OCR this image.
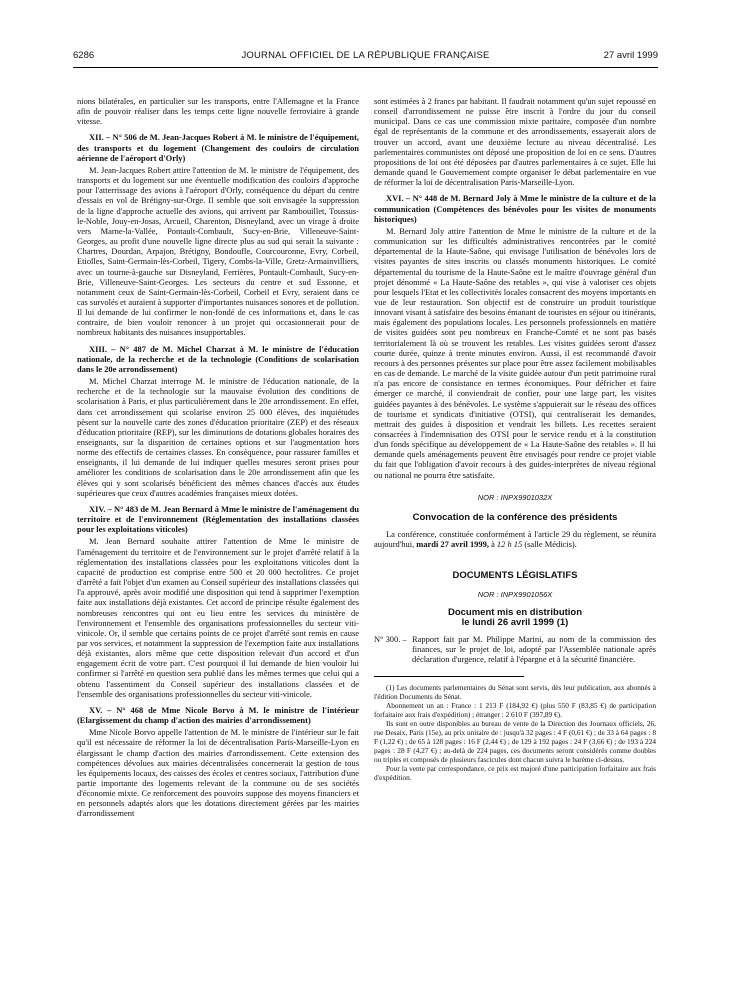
6286	JOURNAL OFFICIEL DE LA RÉPUBLIQUE FRANÇAISE	27 avril 1999

nions bilatérales, en particulier sur les transports, entre l'Allemagne et la France afin de pouvoir réaliser dans les temps cette ligne nouvelle ferroviaire à grande vitesse.

XII. – N° 506 de M. Jean-Jacques Robert à M. le ministre de l'équipement, des transports et du logement (Changement des couloirs de circulation aérienne de l'aéroport d'Orly)

M. Jean-Jacques Robert attire l'attention de M. le ministre de l'équipement, des transports et du logement sur une éventuelle modification des couloirs d'approche pour l'atterrissage des avions à l'aéroport d'Orly, conséquence du départ du centre d'essais en vol de Brétigny-sur-Orge. Il semble que soit envisagée la suppression de la ligne d'approche actuelle des avions, qui arrivent par Rambouillet, Toussus-le-Noble, Jouy-en-Josas, Arcueil, Charenton, Disneyland, avec un virage à droite vers Marne-la-Vallée, Pontault-Combault, Sucy-en-Brie, Villeneuve-Saint-Georges, au profit d'une nouvelle ligne directe plus au sud qui serait la suivante : Chartres, Dourdan, Arpajon, Brétigny, Bondoufle, Courcouronne, Evry, Corbeil, Etiolles, Saint-Germain-lès-Corbeil, Tigery, Combs-la-Ville, Gretz-Armainvilliers, avec un tourne-à-gauche sur Disneyland, Ferrières, Pontault-Combault, Sucy-en-Brie, Villeneuve-Saint-Georges. Les secteurs du centre et sud Essonne, et notamment ceux de Saint-Germain-lès-Corbeil, Corbeil et Evry, seraient dans ce cas survolés et auraient à supporter d'importantes nuisances sonores et de pollution. Il lui demande de lui confirmer le non-fondé de ces informations et, dans le cas contraire, de bien vouloir renoncer à un projet qui occasionnerait pour de nombreux habitants des nuisances insupportables.

XIII. – N° 487 de M. Michel Charzat à M. le ministre de l'éducation nationale, de la recherche et de la technologie (Conditions de scolarisation dans le 20e arrondissement)

M. Michel Charzat interroge M. le ministre de l'éducation nationale, de la recherche et de la technologie sur la mauvaise évolution des conditions de scolarisation à Paris, et plus particulièrement dans le 20e arrondissement. En effet, dans cet arrondissement qui scolarise environ 25 000 élèves, des inquiétudes pèsent sur la nouvelle carte des zones d'éducation prioritaire (ZEP) et des réseaux d'éducation prioritaire (REP), sur les diminutions de dotations globales horaires des enseignants, sur la disparition de certaines options et sur l'augmentation hors norme des effectifs de certaines classes. En conséquence, pour rassurer familles et enseignants, il lui demande de lui indiquer quelles mesures seront prises pour améliorer les conditions de scolarisation dans le 20e arrondissement afin que les élèves qui y sont scolarisés bénéficient des mêmes chances d'accès aux études supérieures que ceux d'autres académies françaises mieux dotées.

XIV. – N° 483 de M. Jean Bernard à Mme le ministre de l'aménagement du territoire et de l'environnement (Réglementation des installations classées pour les exploitations viticoles)

M. Jean Bernard souhaite attirer l'attention de Mme le ministre de l'aménagement du territoire et de l'environnement sur le projet d'arrêté relatif à la réglementation des installations classées pour les exploitations viticoles dont la capacité de production est comprise entre 500 et 20 000 hectolitres. Ce projet d'arrêté a fait l'objet d'un examen au Conseil supérieur des installations classées qui l'a approuvé, après avoir modifié une disposition qui tend à supprimer l'exemption faite aux installations déjà existantes. Cet accord de principe résulte également des nombreuses rencontres qui ont eu lieu entre les services du ministère de l'environnement et l'ensemble des organisations professionnelles du secteur viti-vinicole. Or, il semble que certains points de ce projet d'arrêté sont remis en cause par vos services, et notamment la suppression de l'exemption faite aux installations déjà existantes, alors même que cette disposition relevait d'un accord et d'un engagement écrit de votre part. C'est pourquoi il lui demande de bien vouloir lui confirmer si l'arrêté en question sera publié dans les mêmes termes que celui qui a obtenu l'assentiment du Conseil supérieur des installations classées et de l'ensemble des organisations professionnelles du secteur viti-vinicole.

XV. – N° 468 de Mme Nicole Borvo à M. le ministre de l'intérieur (Elargissement du champ d'action des mairies d'arrondissement)

Mme Nicole Borvo appelle l'attention de M. le ministre de l'intérieur sur le fait qu'il est nécessaire de réformer la loi de décentralisation Paris-Marseille-Lyon en élargissant le champ d'action des mairies d'arrondissement. Cette extension des compétences dévolues aux mairies décentralisées concernerait la gestion de tous les équipements locaux, des caisses des écoles et centres sociaux, l'attribution d'une partie importante des logements relevant de la commune ou de ses sociétés d'économie mixte. Ce renforcement des pouvoirs suppose des moyens financiers et en personnels adaptés alors que les dotations directement gérées par les mairies d'arrondissement

sont estimées à 2 francs par habitant. Il faudrait notamment qu'un sujet repoussé en conseil d'arrondissement ne puisse être inscrit à l'ordre du jour du conseil municipal. Dans ce cas une commission mixte paritaire, composée d'un nombre égal de représentants de la commune et des arrondissements, essayerait alors de trouver un accord, avant une deuxième lecture au niveau décentralisé. Les parlementaires communistes ont déposé une proposition de loi en ce sens. D'autres propositions de loi ont été déposées par d'autres parlementaires à ce sujet. Elle lui demande quand le Gouvernement compte organiser le débat parlementaire en vue de réformer la loi de décentralisation Paris-Marseille-Lyon.

XVI. – N° 448 de M. Bernard Joly à Mme le ministre de la culture et de la communication (Compétences des bénévoles pour les visites de monuments historiques)

M. Bernard Joly attire l'attention de Mme le ministre de la culture et de la communication sur les difficultés administratives rencontrées par le comité départemental de la Haute-Saône, qui envisage l'utilisation de bénévoles lors de visites payantes de sites inscrits ou classés monuments historiques. Le comité départemental du tourisme de la Haute-Saône est le maître d'ouvrage général d'un projet dénommé « La Haute-Saône des retables », qui vise à valoriser ces objets pour lesquels l'Etat et les collectivités locales consacrent des moyens importants en vue de leur restauration. Son objectif est de construire un produit touristique innovant visant à satisfaire des besoins émanant de touristes en séjour ou itinérants, mais également des populations locales. Les personnels professionnels en matière de visites guidées sont peu nombreux en Franche-Comté et ne sont pas basés territorialement là où se trouvent les retables. Les visites guidées seront d'assez courte durée, quinze à trente minutes environ. Aussi, il est recommandé d'avoir recours à des personnes présentes sur place pour être assez facilement mobilisables en cas de demande. Le marché de la visite guidée autour d'un petit patrimoine rural n'a pas encore de consistance en termes économiques. Pour défricher et faire émerger ce marché, il conviendrait de confier, pour une large part, les visites guidées payantes à des bénévoles. Le système s'appuierait sur le réseau des offices de tourisme et syndicats d'initiative (OTSI), qui centraliserait les demandes, mettrait des guides à disposition et vendrait les billets. Les recettes seraient consacrées à l'indemnisation des OTSI pour le service rendu et à la constitution d'un fonds spécifique au développement de « La Haute-Saône des retables ». Il lui demande quels aménagements peuvent être envisagés pour rendre ce projet viable du fait que l'obligation d'avoir recours à des guides-interprètes de niveau régional ou national ne pourra être satisfaite.

NOR : INPX9901032X
Convocation de la conférence des présidents

La conférence, constituée conformément à l'article 29 du règlement, se réunira aujourd'hui, mardi 27 avril 1999, à 12 h 15 (salle Médicis).

DOCUMENTS LÉGISLATIFS
NOR : INPX9901056X
Document mis en distribution
le lundi 26 avril 1999 (1)

N° 300. – Rapport fait par M. Philippe Marini, au nom de la commission des finances, sur le projet de loi, adopté par l'Assemblée nationale après déclaration d'urgence, relatif à l'épargne et à la sécurité financière.

(1) Les documents parlementaires du Sénat sont servis, dès leur publication, aux abonnés à l'édition Documents du Sénat.

Abonnement un an : France : 1 213 F (184,92 €) (plus 550 F (83,85 €) de participation forfaitaire aux frais d'expédition) ; étranger : 2 610 F (397,89 €).

Ils sont en outre disponibles au bureau de vente de la Direction des Journaux officiels, 26, rue Desaix, Paris (15e), au prix unitaire de : jusqu'à 32 pages : 4 F (0,61 €) ; de 33 à 64 pages : 8 F (1,22 €) ; de 65 à 128 pages : 16 F (2,44 €) ; de 129 à 192 pages : 24 F (3,66 €) ; de 193 à 224 pages : 28 F (4,27 €) ; au-delà de 224 pages, ces documents seront considérés comme doubles ou triples et composés de plusieurs fascicules dont chacun suivra le barème ci-dessus.

Pour la vente par correspondance, ce prix est majoré d'une participation forfaitaire aux frais d'expédition.
